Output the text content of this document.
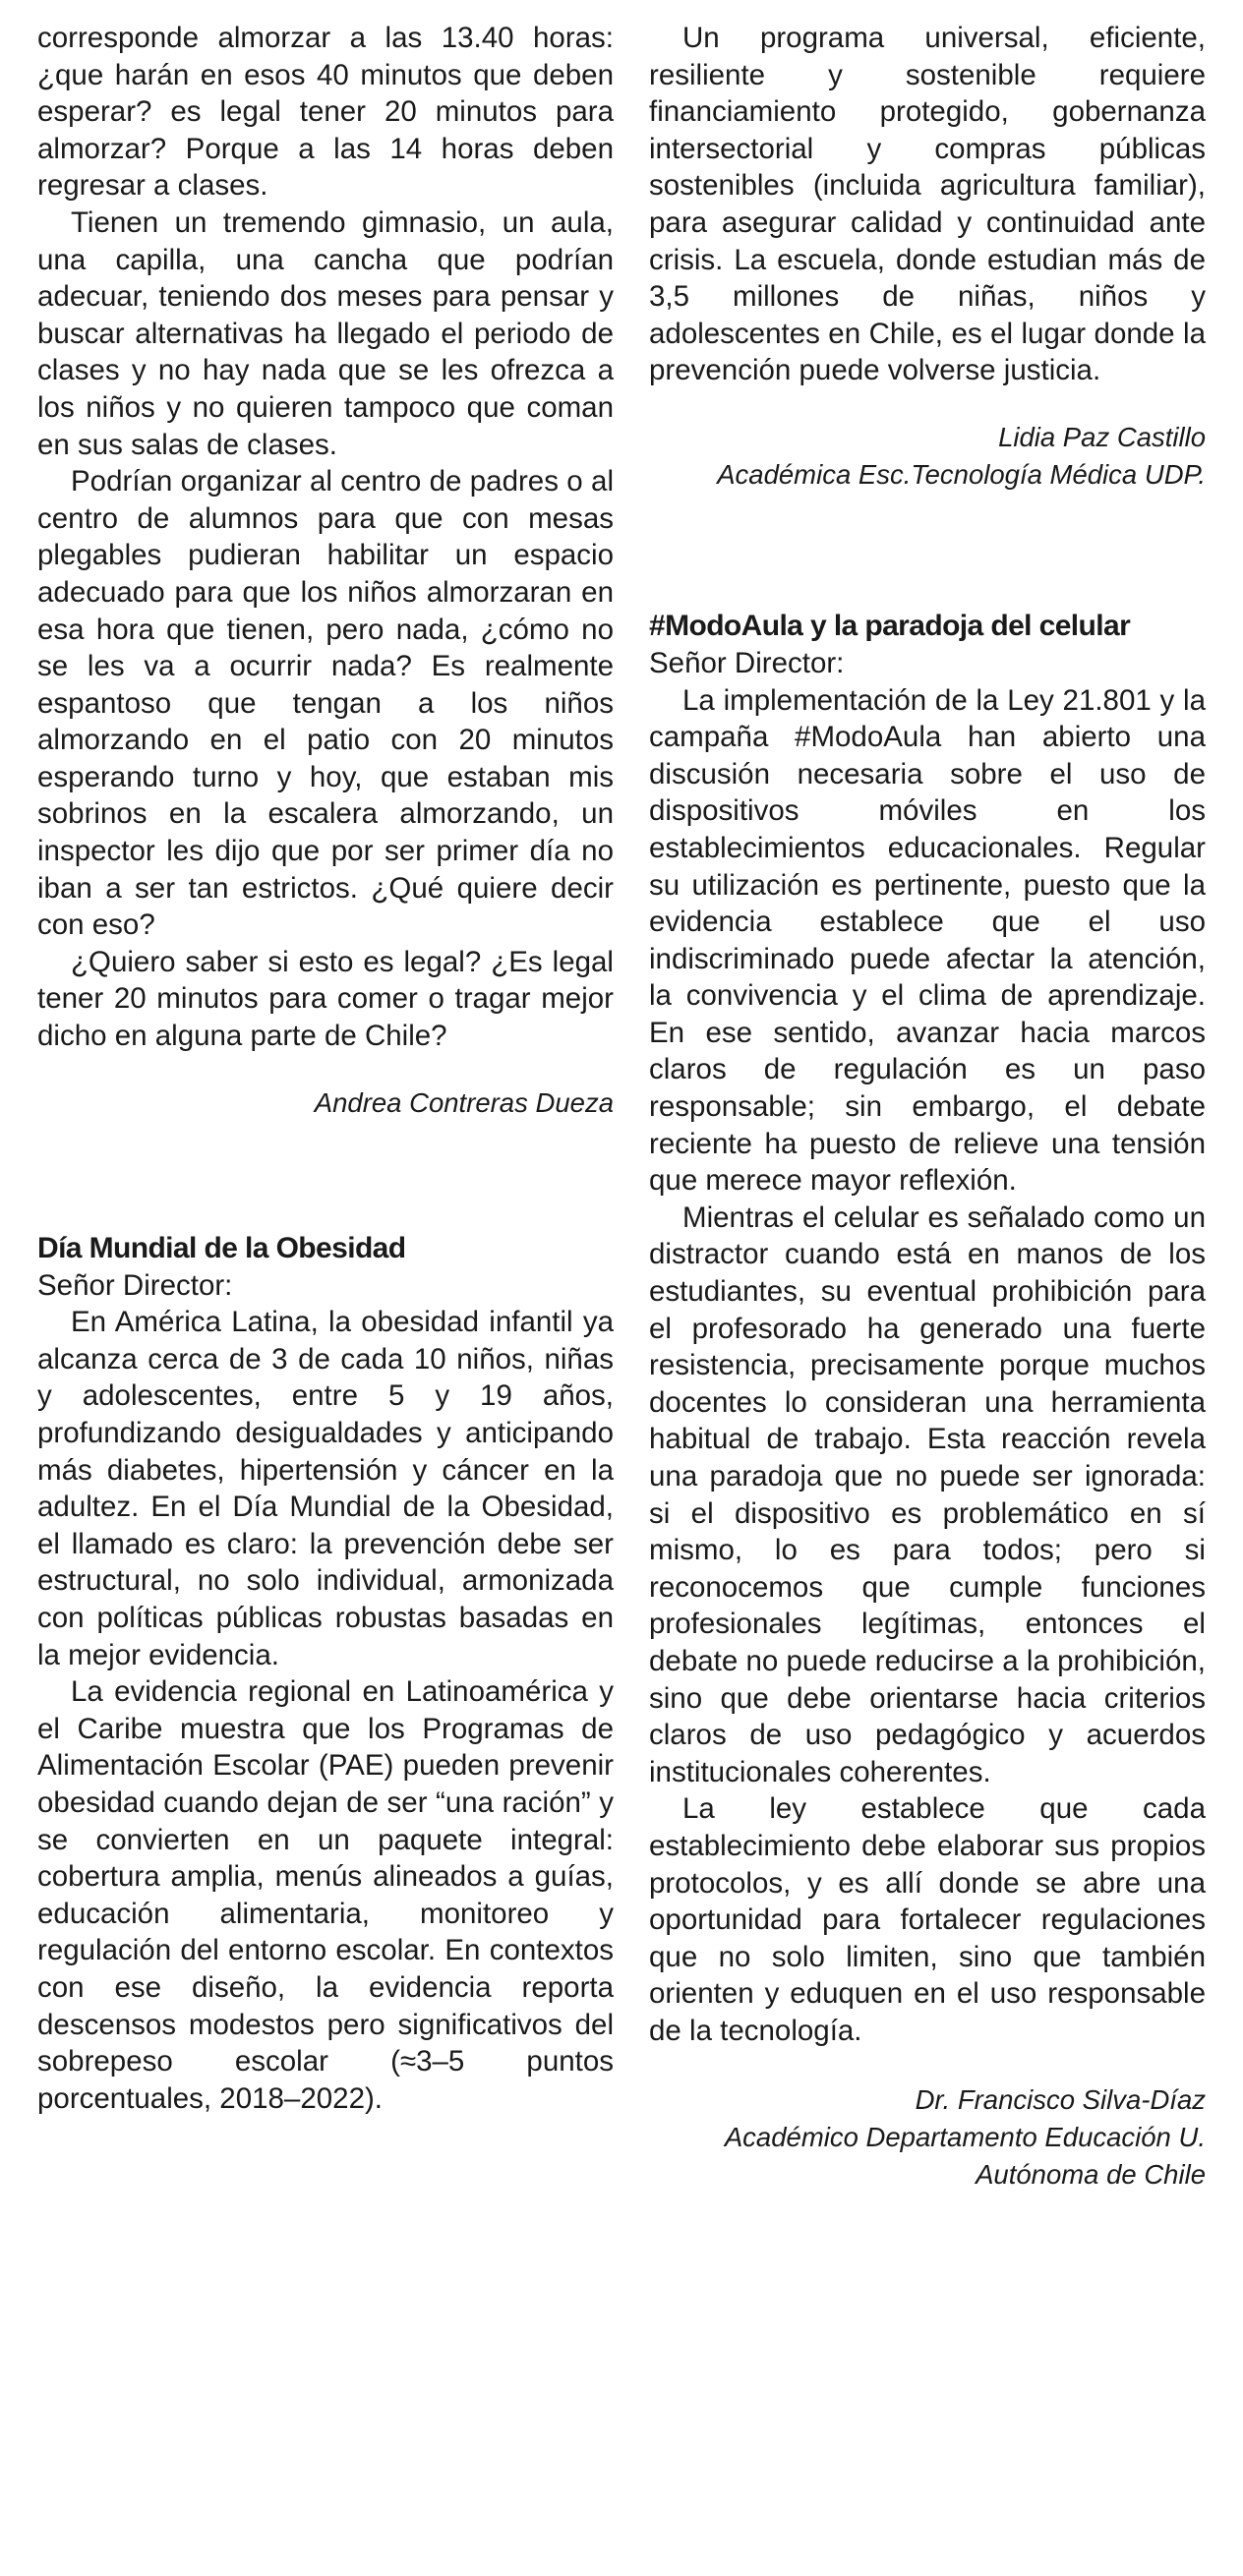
corresponde almorzar a las 13.40 horas: ¿que harán en esos 40 minutos que deben esperar? es legal tener 20 minutos para almorzar? Porque a las 14 horas deben regresar a clases.

Tienen un tremendo gimnasio, un aula, una capilla, una cancha que podrían adecuar, teniendo dos meses para pensar y buscar alternativas ha llegado el periodo de clases y no hay nada que se les ofrezca a los niños y no quieren tampoco que coman en sus salas de clases.

Podrían organizar al centro de padres o al centro de alumnos para que con mesas plegables pudieran habilitar un espacio adecuado para que los niños almorzaran en esa hora que tienen, pero nada, ¿cómo no se les va a ocurrir nada? Es realmente espantoso que tengan a los niños almorzando en el patio con 20 minutos esperando turno y hoy, que estaban mis sobrinos en la escalera almorzando, un inspector les dijo que por ser primer día no iban a ser tan estrictos. ¿Qué quiere decir con eso?

¿Quiero saber si esto es legal? ¿Es legal tener 20 minutos para comer o tragar mejor dicho en alguna parte de Chile?

Andrea Contreras Dueza

Día Mundial de la Obesidad

Señor Director:

En América Latina, la obesidad infantil ya alcanza cerca de 3 de cada 10 niños, niñas y adolescentes, entre 5 y 19 años, profundizando desigualdades y anticipando más diabetes, hipertensión y cáncer en la adultez. En el Día Mundial de la Obesidad, el llamado es claro: la prevención debe ser estructural, no solo individual, armonizada con políticas públicas robustas basadas en la mejor evidencia.

La evidencia regional en Latinoamérica y el Caribe muestra que los Programas de Alimentación Escolar (PAE) pueden prevenir obesidad cuando dejan de ser “una ración” y se convierten en un paquete integral: cobertura amplia, menús alineados a guías, educación alimentaria, monitoreo y regulación del entorno escolar. En contextos con ese diseño, la evidencia reporta descensos modestos pero significativos del sobrepeso escolar (≈3–5 puntos porcentuales, 2018–2022).

Un programa universal, eficiente, resiliente y sostenible requiere financiamiento protegido, gobernanza intersectorial y compras públicas sostenibles (incluida agricultura familiar), para asegurar calidad y continuidad ante crisis. La escuela, donde estudian más de 3,5 millones de niñas, niños y adolescentes en Chile, es el lugar donde la prevención puede volverse justicia.

Lidia Paz Castillo

Académica Esc.Tecnología Médica UDP.

#ModoAula y la paradoja del celular

Señor Director:

La implementación de la Ley 21.801 y la campaña #ModoAula han abierto una discusión necesaria sobre el uso de dispositivos móviles en los establecimientos educacionales. Regular su utilización es pertinente, puesto que la evidencia establece que el uso indiscriminado puede afectar la atención, la convivencia y el clima de aprendizaje. En ese sentido, avanzar hacia marcos claros de regulación es un paso responsable; sin embargo, el debate reciente ha puesto de relieve una tensión que merece mayor reflexión.

Mientras el celular es señalado como un distractor cuando está en manos de los estudiantes, su eventual prohibición para el profesorado ha generado una fuerte resistencia, precisamente porque muchos docentes lo consideran una herramienta habitual de trabajo. Esta reacción revela una paradoja que no puede ser ignorada: si el dispositivo es problemático en sí mismo, lo es para todos; pero si reconocemos que cumple funciones profesionales legítimas, entonces el debate no puede reducirse a la prohibición, sino que debe orientarse hacia criterios claros de uso pedagógico y acuerdos institucionales coherentes.

La ley establece que cada establecimiento debe elaborar sus propios protocolos, y es allí donde se abre una oportunidad para fortalecer regulaciones que no solo limiten, sino que también orienten y eduquen en el uso responsable de la tecnología.

Dr. Francisco Silva-Díaz

Académico Departamento Educación U.

Autónoma de Chile
